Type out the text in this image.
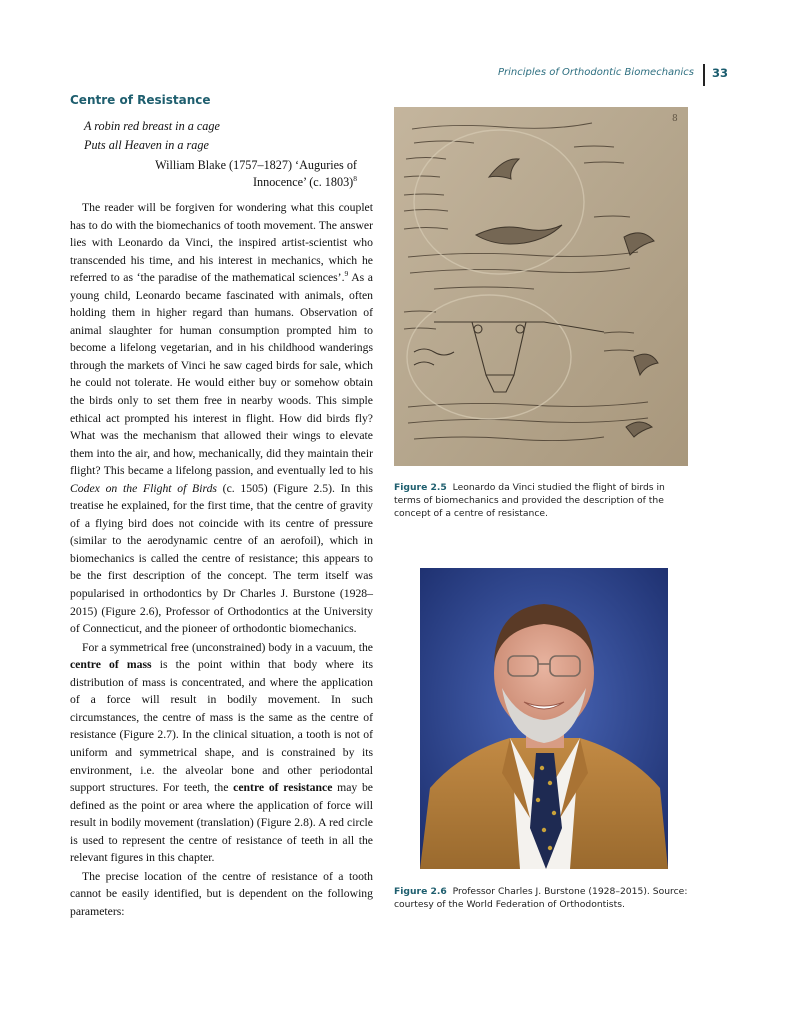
Principles of Orthodontic Biomechanics 33
Centre of Resistance
A robin red breast in a cage
Puts all Heaven in a rage
William Blake (1757–1827) ‘Auguries of
Innocence’ (c. 1803)$^8$

The reader will be forgiven for wondering what this couplet has to do with the biomechanics of tooth movement. The answer lies with Leonardo da Vinci, the inspired artist-scientist who transcended his time, and his interest in mechanics, which he referred to as ‘the paradise of the mathematical sciences’.$^9$ As a young child, Leonardo became fascinated with animals, often holding them in higher regard than humans. Observation of animal slaughter for human consumption prompted him to become a lifelong vegetarian, and in his childhood wanderings through the markets of Vinci he saw caged birds for sale, which he could not tolerate. He would either buy or somehow obtain the birds only to set them free in nearby woods. This simple ethical act prompted his interest in flight. How did birds fly? What was the mechanism that allowed their wings to elevate them into the air, and how, mechanically, did they maintain their flight? This became a lifelong passion, and eventually led to his Codex on the Flight of Birds (c. 1505) (Figure 2.5). In this treatise he explained, for the first time, that the centre of gravity of a flying bird does not coincide with its centre of pressure (similar to the aerodynamic centre of an aerofoil), which in biomechanics is called the centre of resistance; this appears to be the first description of the concept. The term itself was popularised in orthodontics by Dr Charles J. Burstone (1928–2015) (Figure 2.6), Professor of Orthodontics at the University of Connecticut, and the pioneer of orthodontic biomechanics.

For a symmetrical free (unconstrained) body in a vacuum, the centre of mass is the point within that body where its distribution of mass is concentrated, and where the application of a force will result in bodily movement. In such circumstances, the centre of mass is the same as the centre of resistance (Figure 2.7). In the clinical situation, a tooth is not of uniform and symmetrical shape, and is constrained by its environment, i.e. the alveolar bone and other periodontal support structures. For teeth, the centre of resistance may be defined as the point or area where the application of force will result in bodily movement (translation) (Figure 2.8). A red circle is used to represent the centre of resistance of teeth in all the relevant figures in this chapter.

The precise location of the centre of resistance of a tooth cannot be easily identified, but is dependent on the following parameters:

8
Figure 2.5 Leonardo da Vinci studied the flight of birds in terms of biomechanics and provided the description of the concept of a centre of resistance.
Figure 2.6 Professor Charles J. Burstone (1928–2015). Source: courtesy of the World Federation of Orthodontists.
